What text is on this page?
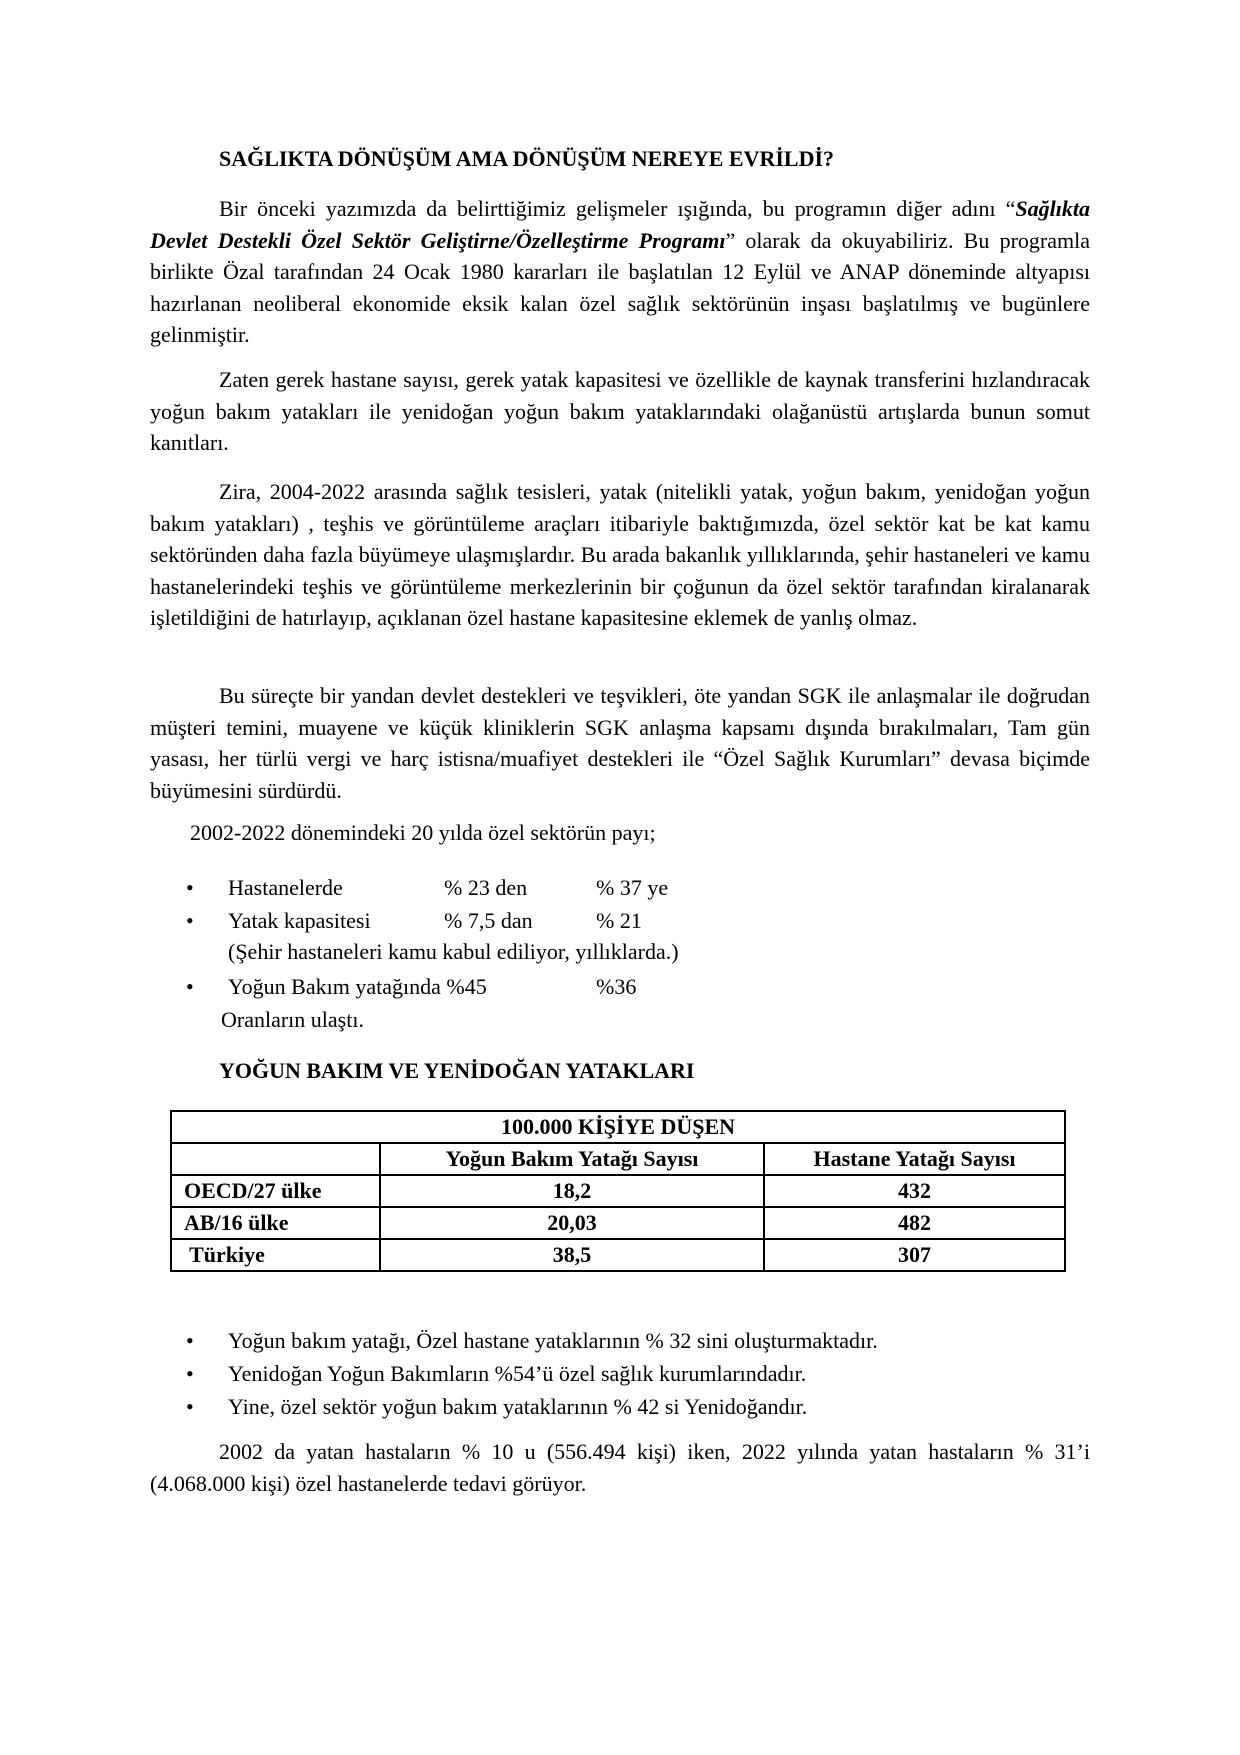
SAĞLIKTA DÖNÜŞÜM AMA DÖNÜŞÜM NEREYE EVRİLDİ?

Bir önceki yazımızda da belirttiğimiz gelişmeler ışığında, bu programın diğer adını “Sağlıkta Devlet Destekli Özel Sektör Geliştirne/Özelleştirme Programı” olarak da okuyabiliriz. Bu programla birlikte Özal tarafından 24 Ocak 1980 kararları ile başlatılan 12 Eylül ve ANAP döneminde altyapısı hazırlanan neoliberal ekonomide eksik kalan özel sağlık sektörünün inşası başlatılmış ve bugünlere gelinmiştir.

Zaten gerek hastane sayısı, gerek yatak kapasitesi ve özellikle de kaynak transferini hızlandıracak yoğun bakım yatakları ile yenidoğan yoğun bakım yataklarındaki olağanüstü artışlarda bunun somut kanıtları.

Zira, 2004-2022 arasında sağlık tesisleri, yatak (nitelikli yatak, yoğun bakım, yenidoğan yoğun bakım yatakları) , teşhis ve görüntüleme araçları itibariyle baktığımızda, özel sektör kat be kat kamu sektöründen daha fazla büyümeye ulaşmışlardır. Bu arada bakanlık yıllıklarında, şehir hastaneleri ve kamu hastanelerindeki teşhis ve görüntüleme merkezlerinin bir çoğunun da özel sektör tarafından kiralanarak işletildiğini de hatırlayıp, açıklanan özel hastane kapasitesine eklemek de yanlış olmaz.

Bu süreçte bir yandan devlet destekleri ve teşvikleri, öte yandan SGK ile anlaşmalar ile doğrudan müşteri temini, muayene ve küçük kliniklerin SGK anlaşma kapsamı dışında bırakılmaları, Tam gün yasası, her türlü vergi ve harç istisna/muafiyet destekleri ile “Özel Sağlık Kurumları” devasa biçimde büyümesini sürdürdü.

2002-2022 dönemindeki 20 yılda özel sektörün payı;
• Hastanelerde	% 23 den	% 37 ye
• Yatak kapasitesi	% 7,5 dan	% 21
(Şehir hastaneleri kamu kabul ediliyor, yıllıklarda.)
• Yoğun Bakım yatağında %45	%36
Oranların ulaştı.
YOĞUN BAKIM VE YENİDOĞAN YATAKLARI
100.000 KİŞİYE DÜŞEN		
	Yoğun Bakım Yatağı Sayısı	Hastane Yatağı Sayısı
OECD/27 ülke	18,2	432
AB/16 ülke	20,03	482
Türkiye	38,5	307
• Yoğun bakım yatağı, Özel hastane yataklarının % 32 sini oluşturmaktadır.
• Yenidoğan Yoğun Bakımların %54’ü özel sağlık kurumlarındadır.
• Yine, özel sektör yoğun bakım yataklarının % 42 si Yenidoğandır.

2002 da yatan hastaların % 10 u (556.494 kişi) iken, 2022 yılında yatan hastaların % 31’i (4.068.000 kişi) özel hastanelerde tedavi görüyor.
